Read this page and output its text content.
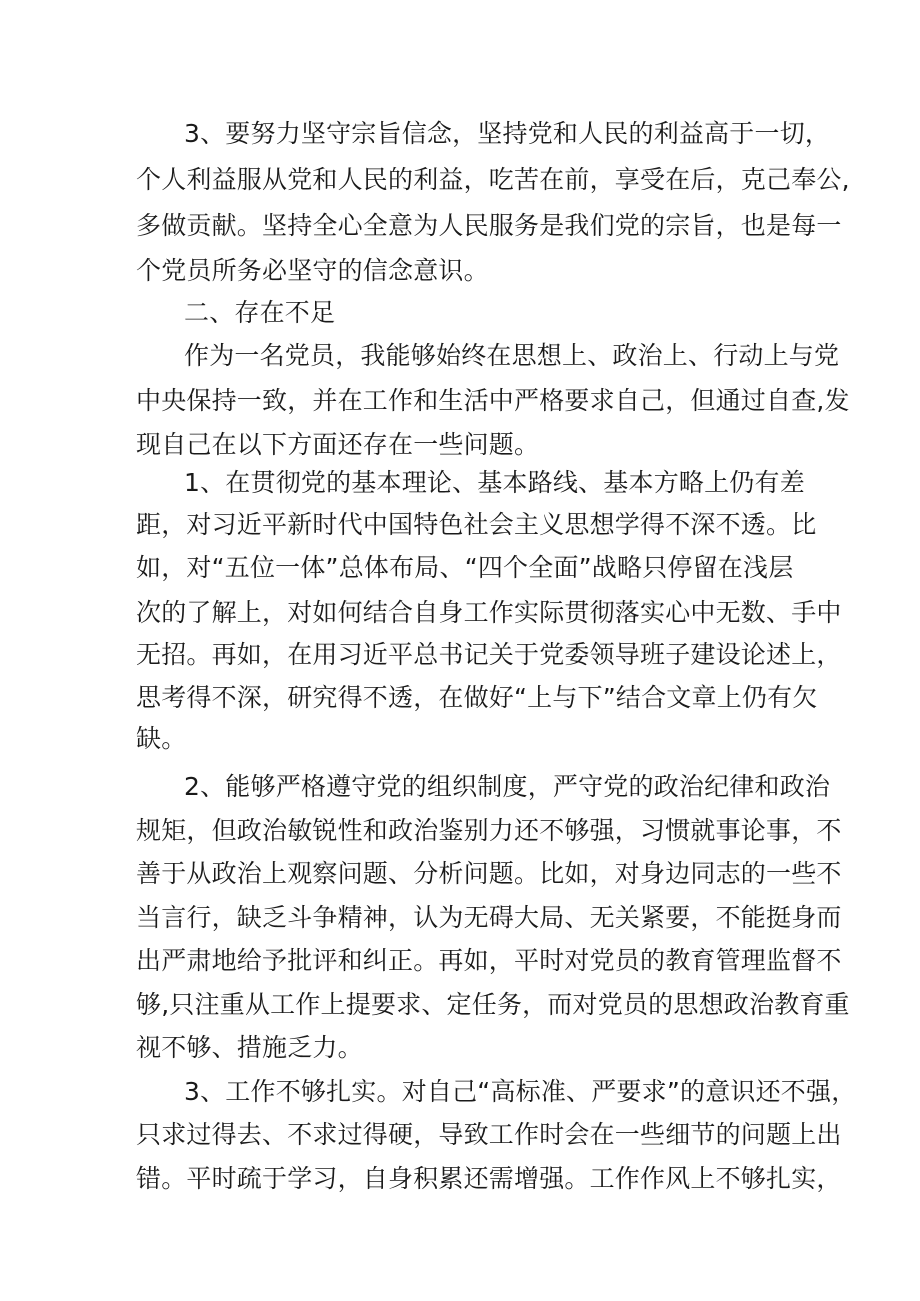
3、要努力坚守宗旨信念，坚持党和人民的利益高于一切，
个人利益服从党和人民的利益，吃苦在前，享受在后，克己奉公,
多做贡献。坚持全心全意为人民服务是我们党的宗旨，也是每一
个党员所务必坚守的信念意识。
二、存在不足
作为一名党员，我能够始终在思想上、政治上、行动上与党
中央保持一致，并在工作和生活中严格要求自己，但通过自查,发
现自己在以下方面还存在一些问题。
1、在贯彻党的基本理论、基本路线、基本方略上仍有差
距，对习近平新时代中国特色社会主义思想学得不深不透。比
如，对“五位一体”总体布局、“四个全面”战略只停留在浅层
次的了解上，对如何结合自身工作实际贯彻落实心中无数、手中
无招。再如，在用习近平总书记关于党委领导班子建设论述上，
思考得不深，研究得不透，在做好“上与下”结合文章上仍有欠
缺。
2、能够严格遵守党的组织制度，严守党的政治纪律和政治
规矩，但政治敏锐性和政治鉴别力还不够强，习惯就事论事，不
善于从政治上观察问题、分析问题。比如，对身边同志的一些不
当言行，缺乏斗争精神，认为无碍大局、无关紧要，不能挺身而
出严肃地给予批评和纠正。再如，平时对党员的教育管理监督不
够,只注重从工作上提要求、定任务，而对党员的思想政治教育重
视不够、措施乏力。
3、工作不够扎实。对自己“高标准、严要求”的意识还不强，
只求过得去、不求过得硬，导致工作时会在一些细节的问题上出
错。平时疏于学习，自身积累还需增强。工作作风上不够扎实，
